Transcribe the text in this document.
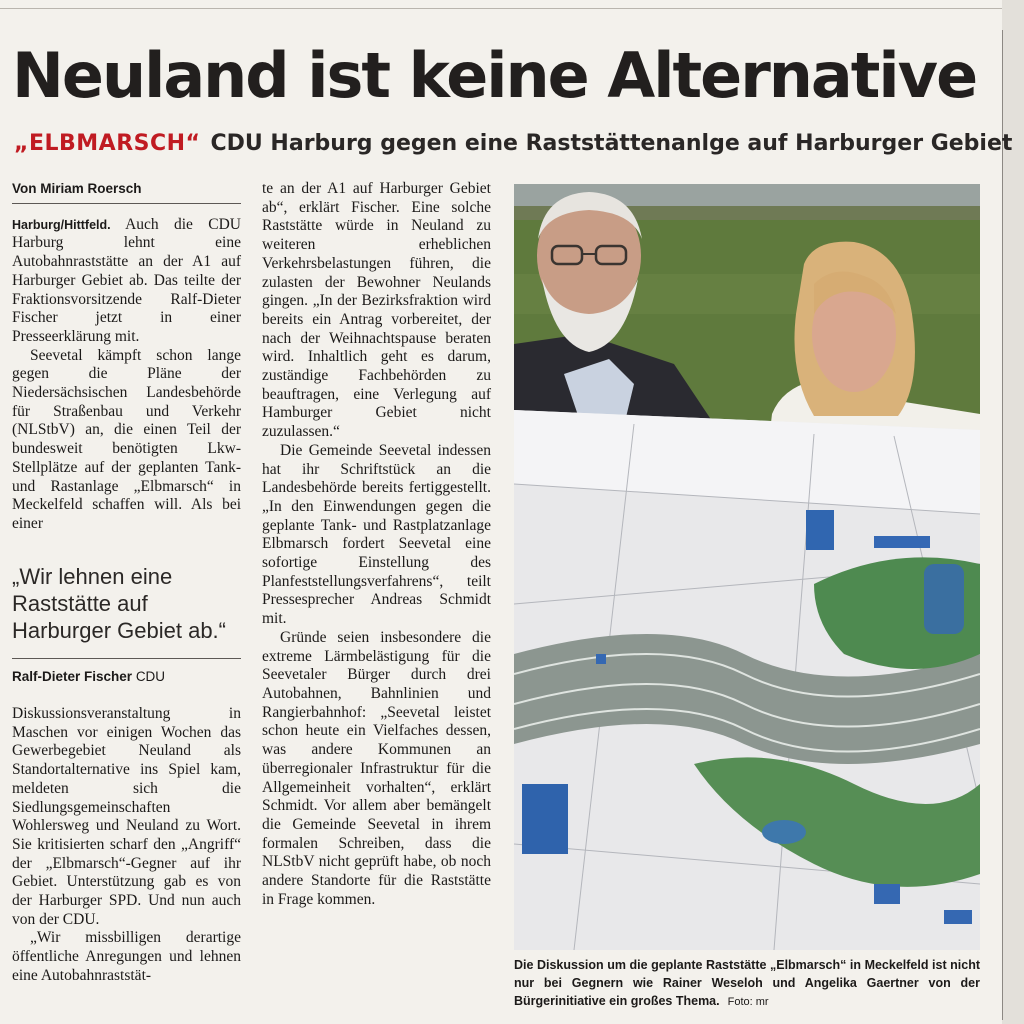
Neuland ist keine Alternative
„ELBMARSCH“ CDU Harburg gegen eine Raststättenanlge auf Harburger Gebiet
Von Miriam Roersch

Harburg/Hittfeld. Auch die CDU Harburg lehnt eine Autobahnraststätte an der A1 auf Harburger Gebiet ab. Das teilte der Fraktionsvorsitzende Ralf-Dieter Fischer jetzt in einer Presseerklärung mit.

Seevetal kämpft schon lange gegen die Pläne der Niedersächsischen Landesbehörde für Straßenbau und Verkehr (NLStbV) an, die einen Teil der bundesweit benötigten Lkw-Stellplätze auf der geplanten Tank- und Rastanlage „Elbmarsch“ in Meckelfeld schaffen will. Als bei einer

„Wir lehnen eine Raststätte auf Harburger Gebiet ab.“

Ralf-Dieter Fischer CDU

Diskussionsveranstaltung in Maschen vor einigen Wochen das Gewerbegebiet Neuland als Standortalternative ins Spiel kam, meldeten sich die Siedlungsgemeinschaften Wohlersweg und Neuland zu Wort. Sie kritisierten scharf den „Angriff“ der „Elbmarsch“-Gegner auf ihr Gebiet. Unterstützung gab es von der Harburger SPD. Und nun auch von der CDU.

„Wir missbilligen derartige öffentliche Anregungen und lehnen eine Autobahnraststät-

te an der A1 auf Harburger Gebiet ab“, erklärt Fischer. Eine solche Raststätte würde in Neuland zu weiteren erheblichen Verkehrsbelastungen führen, die zulasten der Bewohner Neulands gingen. „In der Bezirksfraktion wird bereits ein Antrag vorbereitet, der nach der Weihnachtspause beraten wird. Inhaltlich geht es darum, zuständige Fachbehörden zu beauftragen, eine Verlegung auf Hamburger Gebiet nicht zuzulassen.“

Die Gemeinde Seevetal indessen hat ihr Schriftstück an die Landesbehörde bereits fertiggestellt. „In den Einwendungen gegen die geplante Tank- und Rastplatzanlage Elbmarsch fordert Seevetal eine sofortige Einstellung des Planfeststellungsverfahrens“, teilt Pressesprecher Andreas Schmidt mit.

Gründe seien insbesondere die extreme Lärmbelästigung für die Seevetaler Bürger durch drei Autobahnen, Bahnlinien und Rangierbahnhof: „Seevetal leistet schon heute ein Vielfaches dessen, was andere Kommunen an überregionaler Infrastruktur für die Allgemeinheit vorhalten“, erklärt Schmidt. Vor allem aber bemängelt die Gemeinde Seevetal in ihrem formalen Schreiben, dass die NLStbV nicht geprüft habe, ob noch andere Standorte für die Raststätte in Frage kommen.

Die Diskussion um die geplante Raststätte „Elbmarsch“ in Meckelfeld ist nicht nur bei Gegnern wie Rainer Weseloh und Angelika Gaertner von der Bürgerinitiative ein großes Thema. Foto: mr
